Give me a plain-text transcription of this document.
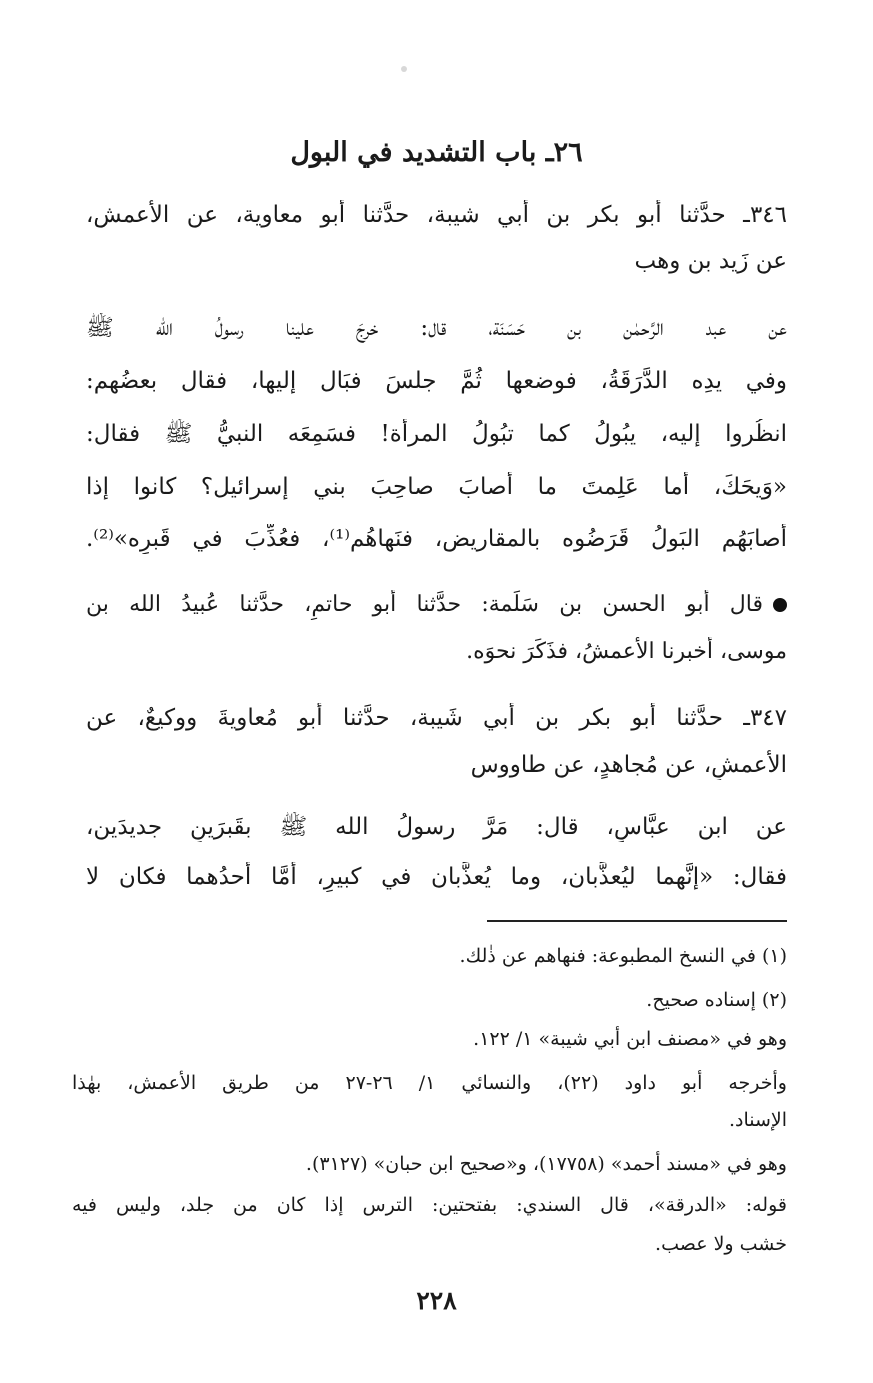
٢٦ـ باب التشديد في البول

٣٤٦ـ حدَّثنا أبو بكر بن أبي شيبة، حدَّثنا أبو معاوية، عن الأعمش،

عن زَيد بن وهب

عن عبد الرَّحمٰن بن حَسَنَة، قال: خرجَ علينا رسولُ الله ﷺ

وفي يدِه الدَّرَقَةُ، فوضعها ثُمَّ جلسَ فبَال إليها، فقال بعضُهم:

انظُروا إليه، يبُولُ كما تبُولُ المرأة! فسَمِعَه النبيُّ ﷺ فقال:

«وَيحَكَ، أما عَلِمتَ ما أصابَ صاحِبَ بني إسرائيل؟ كانوا إذا

أصابَهُم البَولُ قَرَضُوه بالمقاريض، فنَهاهُم⁽¹⁾، فعُذِّبَ في قَبرِه»⁽²⁾.

قال أبو الحسن بن سَلَمة: حدَّثنا أبو حاتمٍ، حدَّثنا عُبيدُ الله بن

موسى، أخبرنا الأعمشُ، فذَكَرَ نحوَه.

٣٤٧ـ حدَّثنا أبو بكر بن أبي شَيبة، حدَّثنا أبو مُعاويةَ ووكيعٌ، عن

الأعمشِ، عن مُجاهدٍ، عن طاووس

عن ابن عبَّاسٍ، قال: مَرَّ رسولُ الله ﷺ بقَبرَينِ جديدَين،

فقال: «إنَّهما ليُعذَّبان، وما يُعذَّبان في كبيرٍ، أمَّا أحدُهما فكان لا

(١) في النسخ المطبوعة: فنهاهم عن ذٰلك.

(٢) إسناده صحيح.

وهو في «مصنف ابن أبي شيبة» ١/ ١٢٢.

وأخرجه أبو داود (٢٢)، والنسائي ١/ ٢٦-٢٧ من طريق الأعمش، بهٰذا

الإسناد.

وهو في «مسند أحمد» (١٧٧٥٨)، و«صحيح ابن حبان» (٣١٢٧).

قوله: «الدرقة»، قال السندي: بفتحتين: الترس إذا كان من جلد، وليس فيه

خشب ولا عصب.

٢٢٨
